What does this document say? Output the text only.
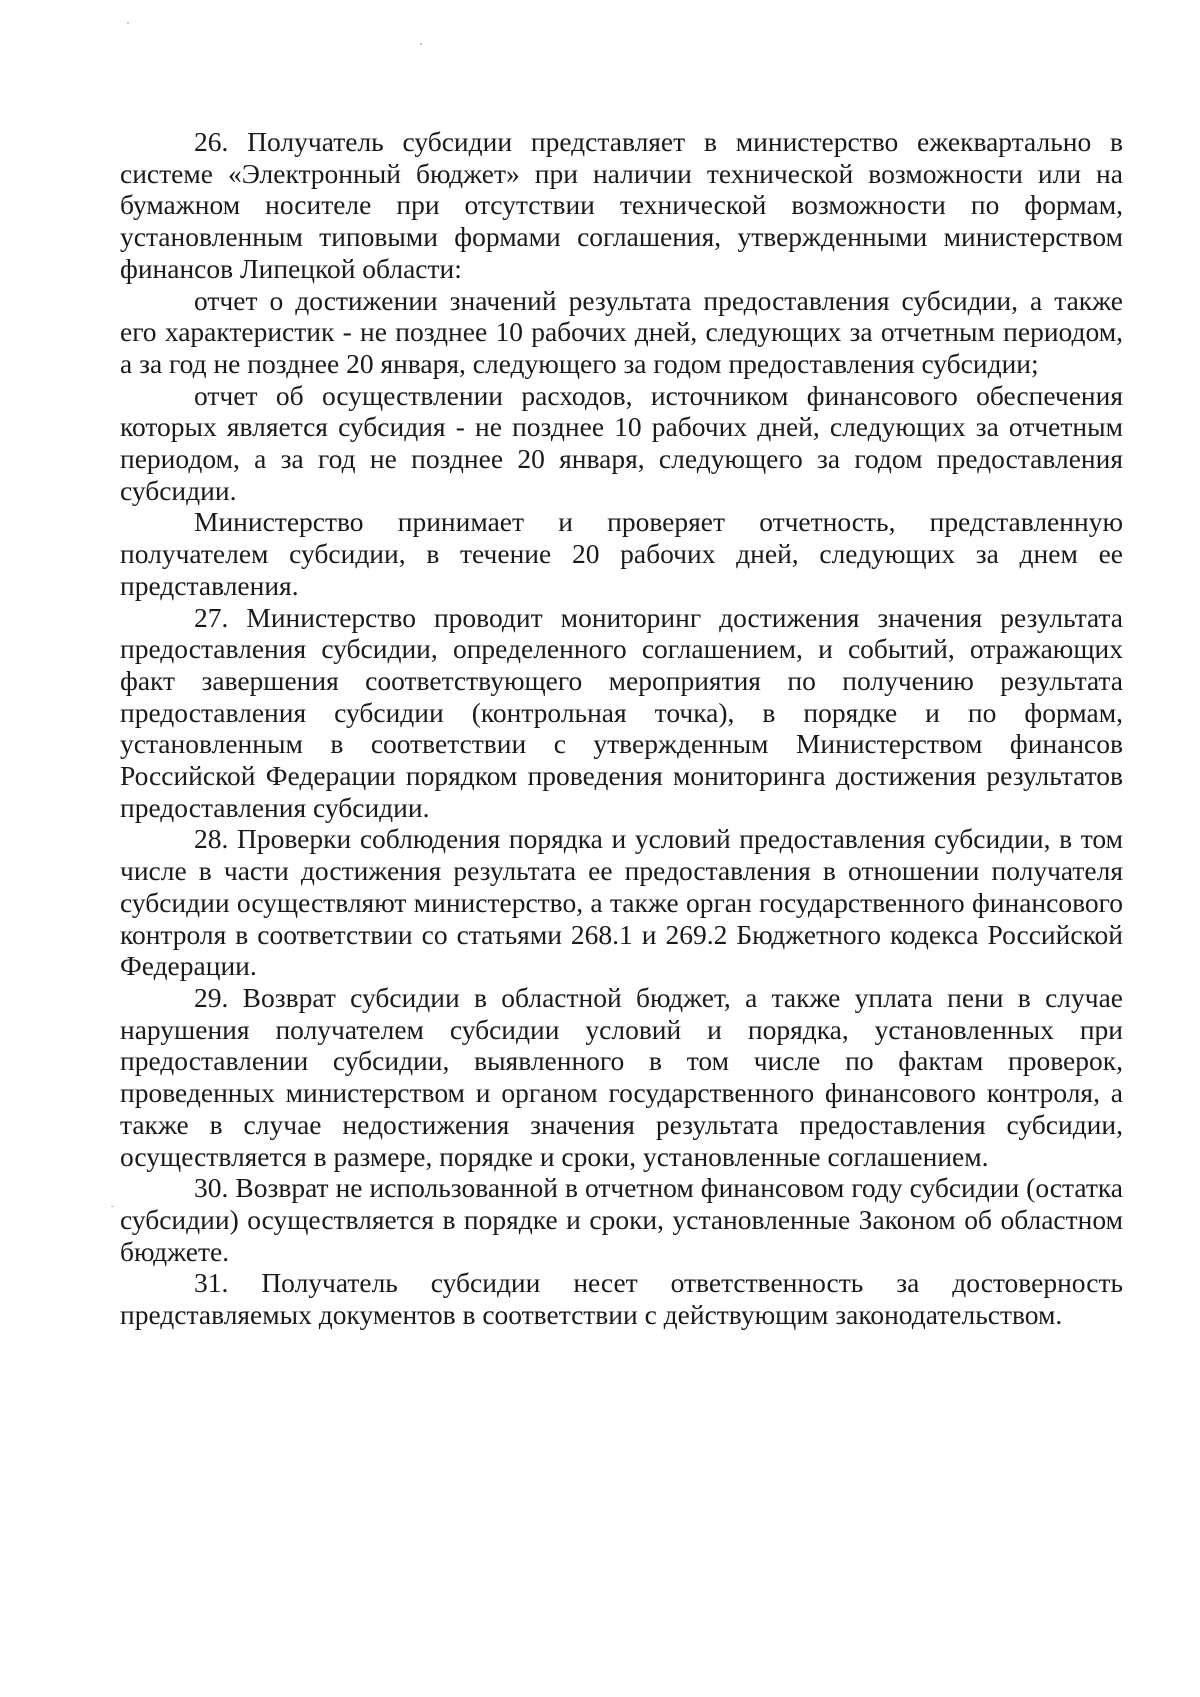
26. Получатель субсидии представляет в министерство ежеквартально в системе «Электронный бюджет» при наличии технической возможности или на бумажном носителе при отсутствии технической возможности по формам, установленным типовыми формами соглашения, утвержденными министерством финансов Липецкой области:

отчет о достижении значений результата предоставления субсидии, а также его характеристик - не позднее 10 рабочих дней, следующих за отчетным периодом, а за год не позднее 20 января, следующего за годом предоставления субсидии;

отчет об осуществлении расходов, источником финансового обеспечения которых является субсидия - не позднее 10 рабочих дней, следующих за отчетным периодом, а за год не позднее 20 января, следующего за годом предоставления субсидии.

Министерство принимает и проверяет отчетность, представленную получателем субсидии, в течение 20 рабочих дней, следующих за днем ее представления.

27. Министерство проводит мониторинг достижения значения результата предоставления субсидии, определенного соглашением, и событий, отражающих факт завершения соответствующего мероприятия по получению результата предоставления субсидии (контрольная точка), в порядке и по формам, установленным в соответствии с утвержденным Министерством финансов Российской Федерации порядком проведения мониторинга достижения результатов предоставления субсидии.

28. Проверки соблюдения порядка и условий предоставления субсидии, в том числе в части достижения результата ее предоставления в отношении получателя субсидии осуществляют министерство, а также орган государственного финансового контроля в соответствии со статьями 268.1 и 269.2 Бюджетного кодекса Российской Федерации.

29. Возврат субсидии в областной бюджет, а также уплата пени в случае нарушения получателем субсидии условий и порядка, установленных при предоставлении субсидии, выявленного в том числе по фактам проверок, проведенных министерством и органом государственного финансового контроля, а также в случае недостижения значения результата предоставления субсидии, осуществляется в размере, порядке и сроки, установленные соглашением.

30. Возврат не использованной в отчетном финансовом году субсидии (остатка субсидии) осуществляется в порядке и сроки, установленные Законом об областном бюджете.

31. Получатель субсидии несет ответственность за достоверность представляемых документов в соответствии с действующим законодательством.
